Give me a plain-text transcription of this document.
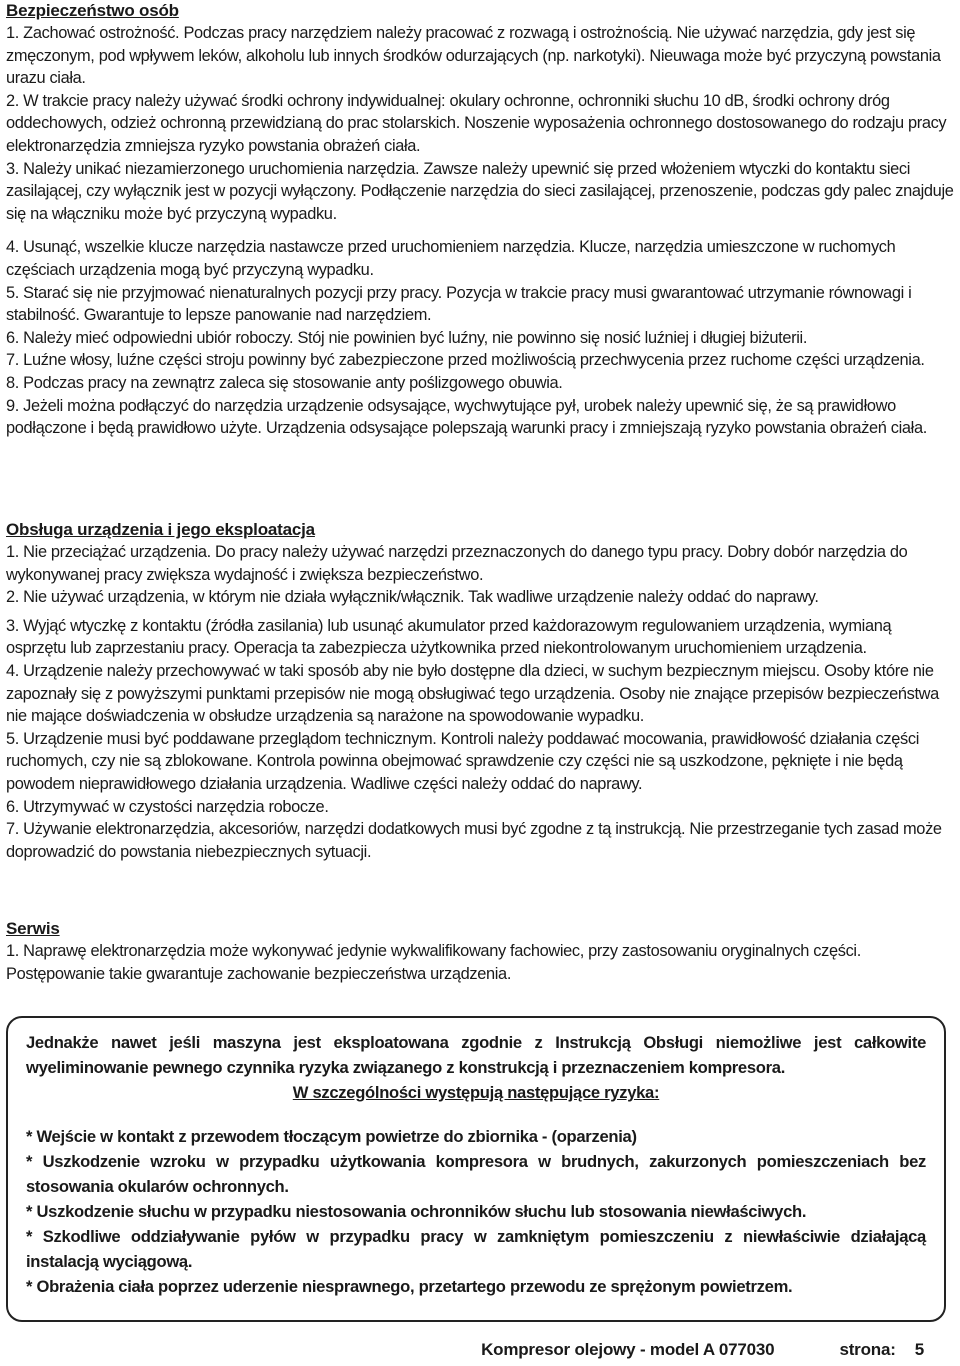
Bezpieczeństwo osób

1. Zachować ostrożność. Podczas pracy narzędziem należy pracować z rozwagą i ostrożnością. Nie używać narzędzia, gdy jest się zmęczonym, pod wpływem leków, alkoholu lub innych środków odurzających (np. narkotyki). Nieuwaga może być przyczyną powstania urazu ciała.

2. W trakcie pracy należy używać środki ochrony indywidualnej: okulary ochronne, ochronniki słuchu 10 dB, środki ochrony dróg oddechowych, odzież ochronną przewidzianą do prac stolarskich. Noszenie wyposażenia ochronnego dostosowanego do rodzaju pracy elektronarzędzia zmniejsza ryzyko powstania obrażeń ciała.

3. Należy unikać niezamierzonego uruchomienia narzędzia. Zawsze należy upewnić się przed włożeniem wtyczki do kontaktu sieci zasilającej, czy wyłącznik jest w pozycji wyłączony. Podłączenie narzędzia do sieci zasilającej, przenoszenie, podczas gdy palec znajduje się na włączniku może być przyczyną wypadku.

4. Usunąć, wszelkie klucze narzędzia nastawcze przed uruchomieniem narzędzia. Klucze, narzędzia umieszczone w ruchomych częściach urządzenia mogą być przyczyną wypadku.

5. Starać się nie przyjmować nienaturalnych pozycji przy pracy. Pozycja w trakcie pracy musi gwarantować utrzymanie równowagi i stabilność. Gwarantuje to lepsze panowanie nad narzędziem.

6. Należy mieć odpowiedni ubiór roboczy. Stój nie powinien być luźny, nie powinno się nosić luźniej i długiej biżuterii.

7. Luźne włosy, luźne części stroju powinny być zabezpieczone przed możliwością przechwycenia przez ruchome części urządzenia.

8. Podczas pracy na zewnątrz zaleca się stosowanie anty poślizgowego obuwia.

9. Jeżeli można podłączyć do narzędzia urządzenie odsysające, wychwytujące pył, urobek należy upewnić się, że są prawidłowo podłączone i będą prawidłowo użyte. Urządzenia odsysające polepszają warunki pracy i zmniejszają ryzyko powstania obrażeń ciała.

Obsługa urządzenia i jego eksploatacja

1. Nie przeciążać urządzenia. Do pracy należy używać narzędzi przeznaczonych do danego typu pracy. Dobry dobór narzędzia do wykonywanej pracy zwiększa wydajność i zwiększa bezpieczeństwo.

2. Nie używać urządzenia, w którym nie działa wyłącznik/włącznik. Tak wadliwe urządzenie należy oddać do naprawy.

3. Wyjąć wtyczkę z kontaktu (źródła zasilania) lub usunąć akumulator przed każdorazowym regulowaniem urządzenia, wymianą osprzętu lub zaprzestaniu pracy. Operacja ta zabezpiecza użytkownika przed niekontrolowanym uruchomieniem urządzenia.

4. Urządzenie należy przechowywać w taki sposób aby nie było dostępne dla dzieci, w suchym bezpiecznym miejscu. Osoby które nie zapoznały się z powyższymi punktami przepisów nie mogą obsługiwać tego urządzenia. Osoby nie znające przepisów bezpieczeństwa nie mające doświadczenia w obsłudze urządzenia są narażone na spowodowanie wypadku.

5. Urządzenie musi być poddawane przeglądom technicznym. Kontroli należy poddawać mocowania, prawidłowość działania części ruchomych, czy nie są zblokowane. Kontrola powinna obejmować sprawdzenie czy części nie są uszkodzone, pęknięte i nie będą powodem nieprawidłowego działania urządzenia. Wadliwe części należy oddać do naprawy.

6. Utrzymywać w czystości narzędzia robocze.

7. Używanie elektronarzędzia, akcesoriów, narzędzi dodatkowych musi być zgodne z tą instrukcją. Nie przestrzeganie tych zasad może doprowadzić do powstania niebezpiecznych sytuacji.

Serwis

1. Naprawę elektronarzędzia może wykonywać jedynie wykwalifikowany fachowiec, przy zastosowaniu oryginalnych części. Postępowanie takie gwarantuje zachowanie bezpieczeństwa urządzenia.

Jednakże nawet jeśli maszyna jest eksploatowana zgodnie z Instrukcją Obsługi niemożliwe jest całkowite wyeliminowanie pewnego czynnika ryzyka związanego z konstrukcją i przeznaczeniem kompresora.

W szczególności występują następujące ryzyka:

* Wejście w kontakt z przewodem tłoczącym powietrze do zbiornika - (oparzenia)

* Uszkodzenie wzroku w przypadku użytkowania kompresora w brudnych, zakurzonych pomieszczeniach bez stosowania okularów ochronnych.

* Uszkodzenie słuchu w przypadku niestosowania ochronników słuchu lub stosowania niewłaściwych.

* Szkodliwe oddziaływanie pyłów w przypadku pracy w zamkniętym pomieszczeniu z niewłaściwie działającą instalacją wyciągową.

* Obrażenia ciała poprzez uderzenie niesprawnego, przetartego przewodu ze sprężonym powietrzem.

Kompresor olejowy - model A 077030	strona: 5
